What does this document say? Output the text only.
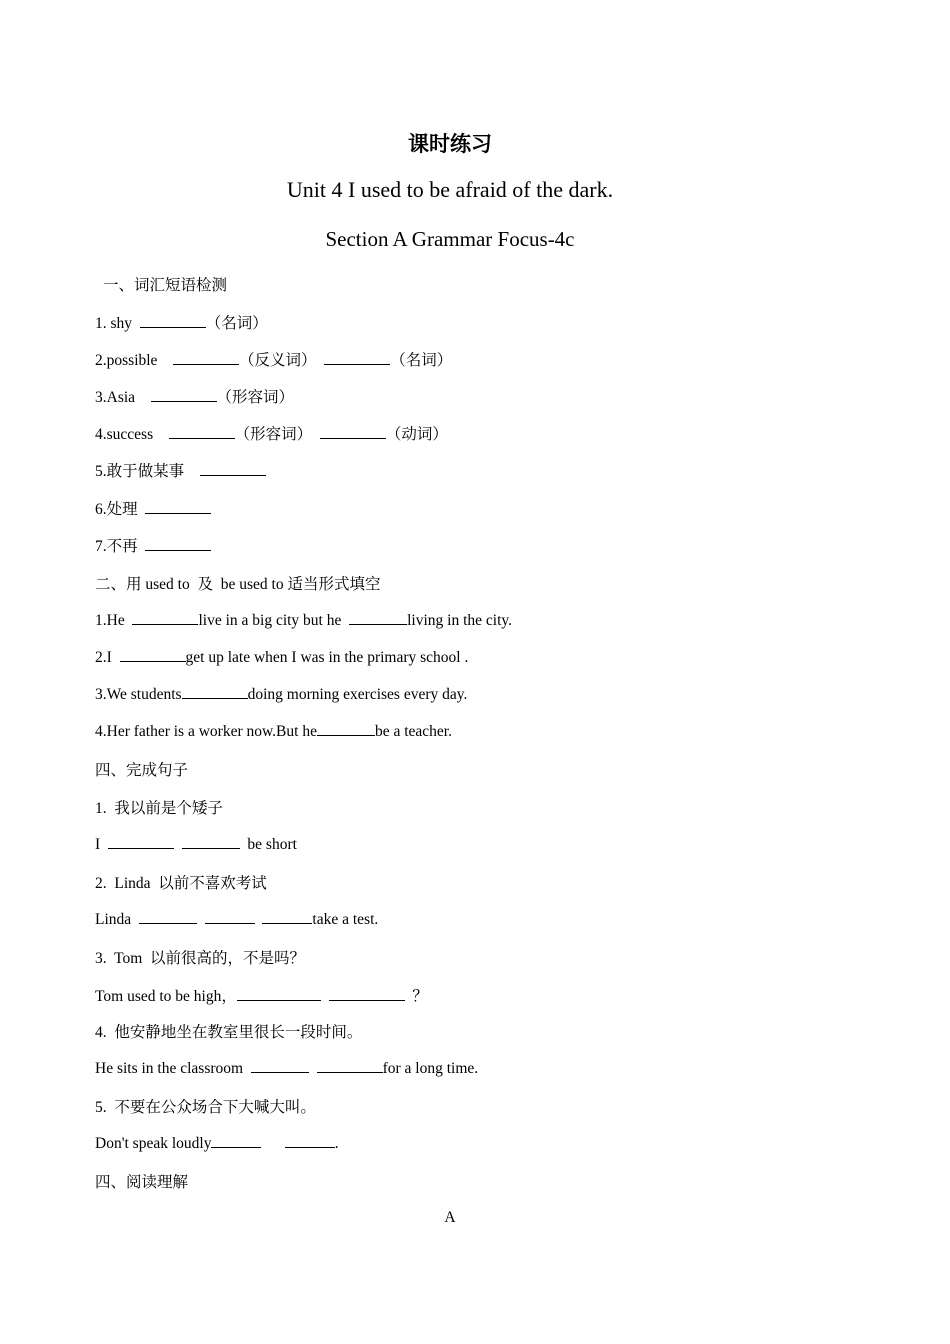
课时练习
Unit 4 I used to be afraid of the dark.
Section A Grammar Focus-4c
一、词汇短语检测
1. shy	（名词）
2.possible	（反义词）	（名词）
3.Asia	（形容词）
4.success	（形容词）	（动词）
5.敢于做某事
6.处理
7.不再
二、用 used to  及  be used to 适当形式填空
1.He	live in a big city but he	living in the city.
2.I	get up late when I was in the primary school .
3.We students	doing morning exercises every day.
4.Her father is a worker now.But he	be a teacher.
四、完成句子
1.  我以前是个矮子
I	be short
2.  Linda  以前不喜欢考试
Linda	take a test.
3.  Tom  以前很高的，不是吗？
Tom used to be high，	？
4.  他安静地坐在教室里很长一段时间。
He sits in the classroom	for a long time.
5.  不要在公众场合下大喊大叫。
Don't speak loudly	.
四、阅读理解
A
